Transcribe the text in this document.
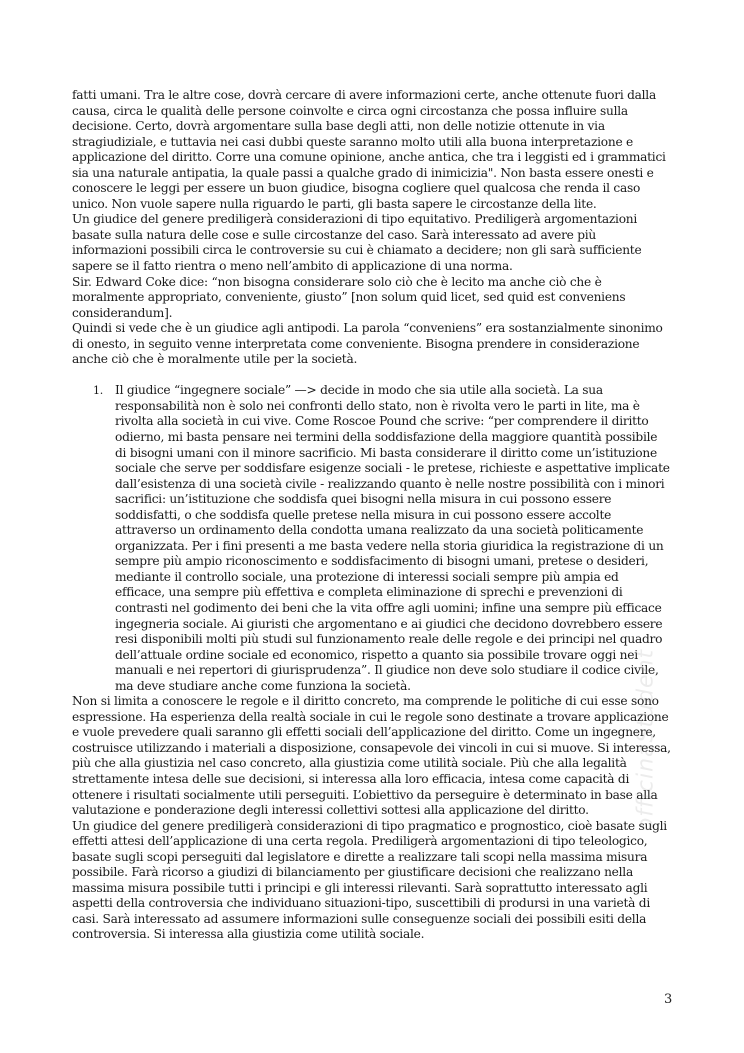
fatti umani. Tra le altre cose, dovrà cercare di avere informazioni certe, anche ottenute fuori dalla causa, circa le qualità delle persone coinvolte e circa ogni circostanza che possa influire sulla decisione. Certo, dovrà argomentare sulla base degli atti, non delle notizie ottenute in via stragiudiziale, e tuttavia nei casi dubbi queste saranno molto utili alla buona interpretazione e applicazione del diritto. Corre una comune opinione, anche antica, che tra i leggisti ed i grammatici sia una naturale antipatia, la quale passi a qualche grado di inimicizia". Non basta essere onesti e conoscere le leggi per essere un buon giudice, bisogna cogliere quel qualcosa che renda il caso unico. Non vuole sapere nulla riguardo le parti, gli basta sapere le circostanze della lite.

Un giudice del genere prediligerà considerazioni di tipo equitativo. Prediligerà argomentazioni basate sulla natura delle cose e sulle circostanze del caso. Sarà interessato ad avere più informazioni possibili circa le controversie su cui è chiamato a decidere; non gli sarà sufficiente sapere se il fatto rientra o meno nell’ambito di applicazione di una norma.

Sir. Edward Coke dice: “non bisogna considerare solo ciò che è lecito ma anche ciò che è moralmente appropriato, conveniente, giusto” [non solum quid licet, sed quid est conveniens considerandum].

Quindi si vede che è un giudice agli antipodi. La parola “conveniens” era sostanzialmente sinonimo di onesto, in seguito venne interpretata come conveniente. Bisogna prendere in considerazione anche ciò che è moralmente utile per la società.

1. Il giudice “ingegnere sociale” —> decide in modo che sia utile alla società. La sua responsabilità non è solo nei confronti dello stato, non è rivolta vero le parti in lite, ma è rivolta alla società in cui vive. Come Roscoe Pound che scrive: “per comprendere il diritto odierno, mi basta pensare nei termini della soddisfazione della maggiore quantità possibile di bisogni umani con il minore sacrificio. Mi basta considerare il diritto come un’istituzione sociale che serve per soddisfare esigenze sociali - le pretese, richieste e aspettative implicate dall’esistenza di una società civile - realizzando quanto è nelle nostre possibilità con i minori sacrifici: un’istituzione che soddisfa quei bisogni nella misura in cui possono essere soddisfatti, o che soddisfa quelle pretese nella misura in cui possono essere accolte attraverso un ordinamento della condotta umana realizzato da una società politicamente organizzata. Per i fini presenti a me basta vedere nella storia giuridica la registrazione di un sempre più ampio riconoscimento e soddisfacimento di bisogni umani, pretese o desideri, mediante il controllo sociale, una protezione di interessi sociali sempre più ampia ed efficace, una sempre più effettiva e completa eliminazione di sprechi e prevenzioni di contrasti nel godimento dei beni che la vita offre agli uomini; infine una sempre più efficace ingegneria sociale. Ai giuristi che argomentano e ai giudici che decidono dovrebbero essere resi disponibili molti più studi sul funzionamento reale delle regole e dei principi nel quadro dell’attuale ordine sociale ed economico, rispetto a quanto sia possibile trovare oggi nei manuali e nei repertori di giurisprudenza”. Il giudice non deve solo studiare il codice civile, ma deve studiare anche come funziona la società.

Non si limita a conoscere le regole e il diritto concreto, ma comprende le politiche di cui esse sono espressione. Ha esperienza della realtà sociale in cui le regole sono destinate a trovare applicazione e vuole prevedere quali saranno gli effetti sociali dell’applicazione del diritto. Come un ingegnere, costruisce utilizzando i materiali a disposizione, consapevole dei vincoli in cui si muove. Si interessa, più che alla giustizia nel caso concreto, alla giustizia come utilità sociale. Più che alla legalità strettamente intesa delle sue decisioni, si interessa alla loro efficacia, intesa come capacità di ottenere i risultati socialmente utili perseguiti. L’obiettivo da perseguire è determinato in base alla valutazione e ponderazione degli interessi collettivi sottesi alla applicazione del diritto.

Un giudice del genere prediligerà considerazioni di tipo pragmatico e prognostico, cioè basate sugli effetti attesi dell’applicazione di una certa regola. Prediligerà argomentazioni di tipo teleologico, basate sugli scopi perseguiti dal legislatore e dirette a realizzare tali scopi nella massima misura possibile. Farà ricorso a giudizi di bilanciamento per giustificare decisioni che realizzano nella massima misura possibile tutti i principi e gli interessi rilevanti. Sarà soprattutto interessato agli aspetti della controversia che individuano situazioni-tipo, suscettibili di prodursi in una varietà di casi. Sarà interessato ad assumere informazioni sulle conseguenze sociali dei possibili esiti della controversia. Si interessa alla giustizia come utilità sociale.

officinaStudent
3
